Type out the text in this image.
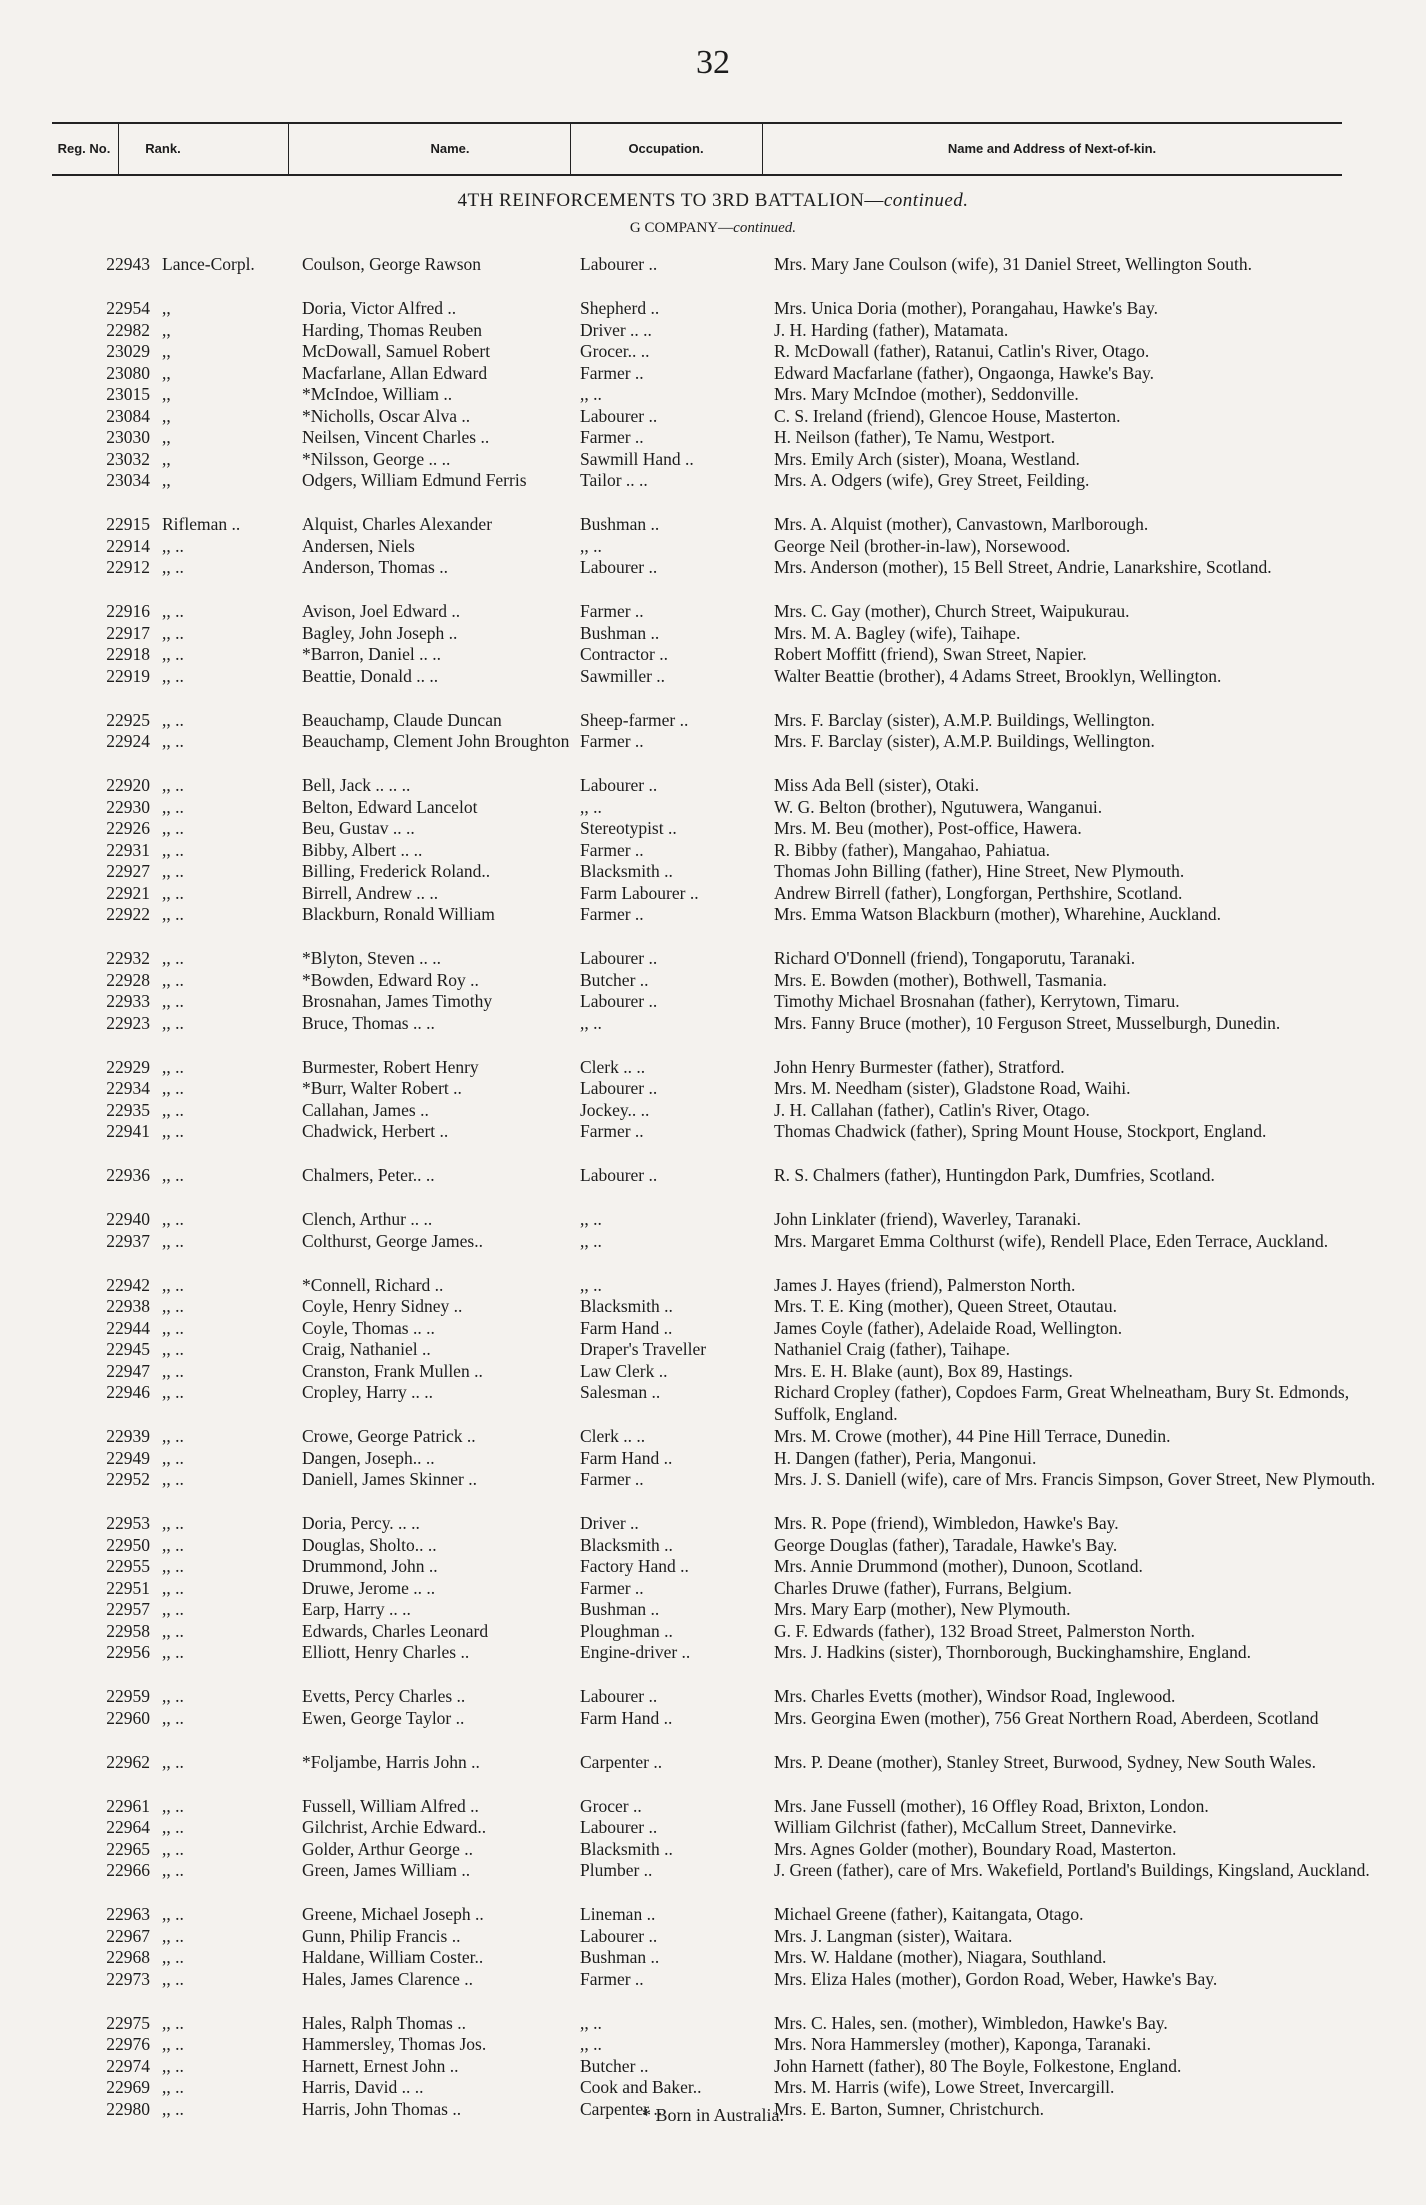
32
Reg. No.	Rank.	Name.	Occupation.	Name and Address of Next-of-kin.
4TH REINFORCEMENTS TO 3RD BATTALION—continued.
G COMPANY—continued.
22943 Lance-Corpl.	Coulson, George Rawson	Labourer ..	Mrs. Mary Jane Coulson (wife), 31 Daniel Street, Wellington South.
22954 ,,	Doria, Victor Alfred ..	Shepherd ..	Mrs. Unica Doria (mother), Porangahau, Hawke's Bay.
22982 ,,	Harding, Thomas Reuben	Driver .. ..	J. H. Harding (father), Matamata.
23029 ,,	McDowall, Samuel Robert	Grocer.. ..	R. McDowall (father), Ratanui, Catlin's River, Otago.
23080 ,,	Macfarlane, Allan Edward	Farmer ..	Edward Macfarlane (father), Ongaonga, Hawke's Bay.
23015 ,,	*McIndoe, William ..	,, ..	Mrs. Mary McIndoe (mother), Seddonville.
23084 ,,	*Nicholls, Oscar Alva ..	Labourer ..	C. S. Ireland (friend), Glencoe House, Masterton.
23030 ,,	Neilsen, Vincent Charles ..	Farmer ..	H. Neilson (father), Te Namu, Westport.
23032 ,,	*Nilsson, George .. ..	Sawmill Hand ..	Mrs. Emily Arch (sister), Moana, Westland.
23034 ,,	Odgers, William Edmund Ferris	Tailor .. ..	Mrs. A. Odgers (wife), Grey Street, Feilding.
22915 Rifleman ..	Alquist, Charles Alexander	Bushman ..	Mrs. A. Alquist (mother), Canvastown, Marlborough.
22914 ,, ..	Andersen, Niels	,, ..	George Neil (brother-in-law), Norsewood.
22912 ,, ..	Anderson, Thomas ..	Labourer ..	Mrs. Anderson (mother), 15 Bell Street, Andrie, Lanarkshire, Scotland.
22916 ,, ..	Avison, Joel Edward ..	Farmer ..	Mrs. C. Gay (mother), Church Street, Waipukurau.
22917 ,, ..	Bagley, John Joseph ..	Bushman ..	Mrs. M. A. Bagley (wife), Taihape.
22918 ,, ..	*Barron, Daniel .. ..	Contractor ..	Robert Moffitt (friend), Swan Street, Napier.
22919 ,, ..	Beattie, Donald .. ..	Sawmiller ..	Walter Beattie (brother), 4 Adams Street, Brooklyn, Wellington.
22925 ,, ..	Beauchamp, Claude Duncan	Sheep-farmer ..	Mrs. F. Barclay (sister), A.M.P. Buildings, Wellington.
22924 ,, ..	Beauchamp, Clement John Broughton Farmer ..	Mrs. F. Barclay (sister), A.M.P. Buildings, Wellington.
22920 ,, ..	Bell, Jack .. .. ..	Labourer ..	Miss Ada Bell (sister), Otaki.
22930 ,, ..	Belton, Edward Lancelot	,, ..	W. G. Belton (brother), Ngutuwera, Wanganui.
22926 ,, ..	Beu, Gustav .. ..	Stereotypist ..	Mrs. M. Beu (mother), Post-office, Hawera.
22931 ,, ..	Bibby, Albert .. ..	Farmer ..	R. Bibby (father), Mangahao, Pahiatua.
22927 ,, ..	Billing, Frederick Roland..	Blacksmith ..	Thomas John Billing (father), Hine Street, New Plymouth.
22921 ,, ..	Birrell, Andrew .. ..	Farm Labourer ..	Andrew Birrell (father), Longforgan, Perthshire, Scotland.
22922 ,, ..	Blackburn, Ronald William	Farmer ..	Mrs. Emma Watson Blackburn (mother), Wharehine, Auckland.
22932 ,, ..	*Blyton, Steven .. ..	Labourer ..	Richard O'Donnell (friend), Tongaporutu, Taranaki.
22928 ,, ..	*Bowden, Edward Roy ..	Butcher ..	Mrs. E. Bowden (mother), Bothwell, Tasmania.
22933 ,, ..	Brosnahan, James Timothy	Labourer ..	Timothy Michael Brosnahan (father), Kerrytown, Timaru.
22923 ,, ..	Bruce, Thomas .. ..	,, ..	Mrs. Fanny Bruce (mother), 10 Ferguson Street, Musselburgh, Dunedin.
22929 ,, ..	Burmester, Robert Henry	Clerk .. ..	John Henry Burmester (father), Stratford.
22934 ,, ..	*Burr, Walter Robert ..	Labourer ..	Mrs. M. Needham (sister), Gladstone Road, Waihi.
22935 ,, ..	Callahan, James ..	Jockey.. ..	J. H. Callahan (father), Catlin's River, Otago.
22941 ,, ..	Chadwick, Herbert ..	Farmer ..	Thomas Chadwick (father), Spring Mount House, Stockport, England.
22936 ,, ..	Chalmers, Peter.. ..	Labourer ..	R. S. Chalmers (father), Huntingdon Park, Dumfries, Scotland.
22940 ,, ..	Clench, Arthur .. ..	,, ..	John Linklater (friend), Waverley, Taranaki.
22937 ,, ..	Colthurst, George James..	,, ..	Mrs. Margaret Emma Colthurst (wife), Rendell Place, Eden Terrace, Auckland.
22942 ,, ..	*Connell, Richard ..	,, ..	James J. Hayes (friend), Palmerston North.
22938 ,, ..	Coyle, Henry Sidney ..	Blacksmith ..	Mrs. T. E. King (mother), Queen Street, Otautau.
22944 ,, ..	Coyle, Thomas .. ..	Farm Hand ..	James Coyle (father), Adelaide Road, Wellington.
22945 ,, ..	Craig, Nathaniel ..	Draper's Traveller	Nathaniel Craig (father), Taihape.
22947 ,, ..	Cranston, Frank Mullen ..	Law Clerk ..	Mrs. E. H. Blake (aunt), Box 89, Hastings.
22946 ,, ..	Cropley, Harry .. ..	Salesman ..	Richard Cropley (father), Copdoes Farm, Great Whelneatham, Bury St. Edmonds, Suffolk, England.
22939 ,, ..	Crowe, George Patrick ..	Clerk .. ..	Mrs. M. Crowe (mother), 44 Pine Hill Terrace, Dunedin.
22949 ,, ..	Dangen, Joseph.. ..	Farm Hand ..	H. Dangen (father), Peria, Mangonui.
22952 ,, ..	Daniell, James Skinner ..	Farmer ..	Mrs. J. S. Daniell (wife), care of Mrs. Francis Simpson, Gover Street, New Plymouth.
22953 ,, ..	Doria, Percy. .. ..	Driver ..	Mrs. R. Pope (friend), Wimbledon, Hawke's Bay.
22950 ,, ..	Douglas, Sholto.. ..	Blacksmith ..	George Douglas (father), Taradale, Hawke's Bay.
22955 ,, ..	Drummond, John ..	Factory Hand ..	Mrs. Annie Drummond (mother), Dunoon, Scotland.
22951 ,, ..	Druwe, Jerome .. ..	Farmer ..	Charles Druwe (father), Furrans, Belgium.
22957 ,, ..	Earp, Harry .. ..	Bushman ..	Mrs. Mary Earp (mother), New Plymouth.
22958 ,, ..	Edwards, Charles Leonard	Ploughman ..	G. F. Edwards (father), 132 Broad Street, Palmerston North.
22956 ,, ..	Elliott, Henry Charles ..	Engine-driver ..	Mrs. J. Hadkins (sister), Thornborough, Buckinghamshire, England.
22959 ,, ..	Evetts, Percy Charles ..	Labourer ..	Mrs. Charles Evetts (mother), Windsor Road, Inglewood.
22960 ,, ..	Ewen, George Taylor ..	Farm Hand ..	Mrs. Georgina Ewen (mother), 756 Great Northern Road, Aberdeen, Scotland
22962 ,, ..	*Foljambe, Harris John ..	Carpenter ..	Mrs. P. Deane (mother), Stanley Street, Burwood, Sydney, New South Wales.
22961 ,, ..	Fussell, William Alfred ..	Grocer ..	Mrs. Jane Fussell (mother), 16 Offley Road, Brixton, London.
22964 ,, ..	Gilchrist, Archie Edward..	Labourer ..	William Gilchrist (father), McCallum Street, Dannevirke.
22965 ,, ..	Golder, Arthur George ..	Blacksmith ..	Mrs. Agnes Golder (mother), Boundary Road, Masterton.
22966 ,, ..	Green, James William ..	Plumber ..	J. Green (father), care of Mrs. Wakefield, Portland's Buildings, Kingsland, Auckland.
22963 ,, ..	Greene, Michael Joseph ..	Lineman ..	Michael Greene (father), Kaitangata, Otago.
22967 ,, ..	Gunn, Philip Francis ..	Labourer ..	Mrs. J. Langman (sister), Waitara.
22968 ,, ..	Haldane, William Coster..	Bushman ..	Mrs. W. Haldane (mother), Niagara, Southland.
22973 ,, ..	Hales, James Clarence ..	Farmer ..	Mrs. Eliza Hales (mother), Gordon Road, Weber, Hawke's Bay.
22975 ,, ..	Hales, Ralph Thomas ..	,, ..	Mrs. C. Hales, sen. (mother), Wimbledon, Hawke's Bay.
22976 ,, ..	Hammersley, Thomas Jos.	,, ..	Mrs. Nora Hammersley (mother), Kaponga, Taranaki.
22974 ,, ..	Harnett, Ernest John ..	Butcher ..	John Harnett (father), 80 The Boyle, Folkestone, England.
22969 ,, ..	Harris, David .. ..	Cook and Baker..	Mrs. M. Harris (wife), Lowe Street, Invercargill.
22980 ,, ..	Harris, John Thomas ..	Carpenter ..	Mrs. E. Barton, Sumner, Christchurch.
* Born in Australia.
